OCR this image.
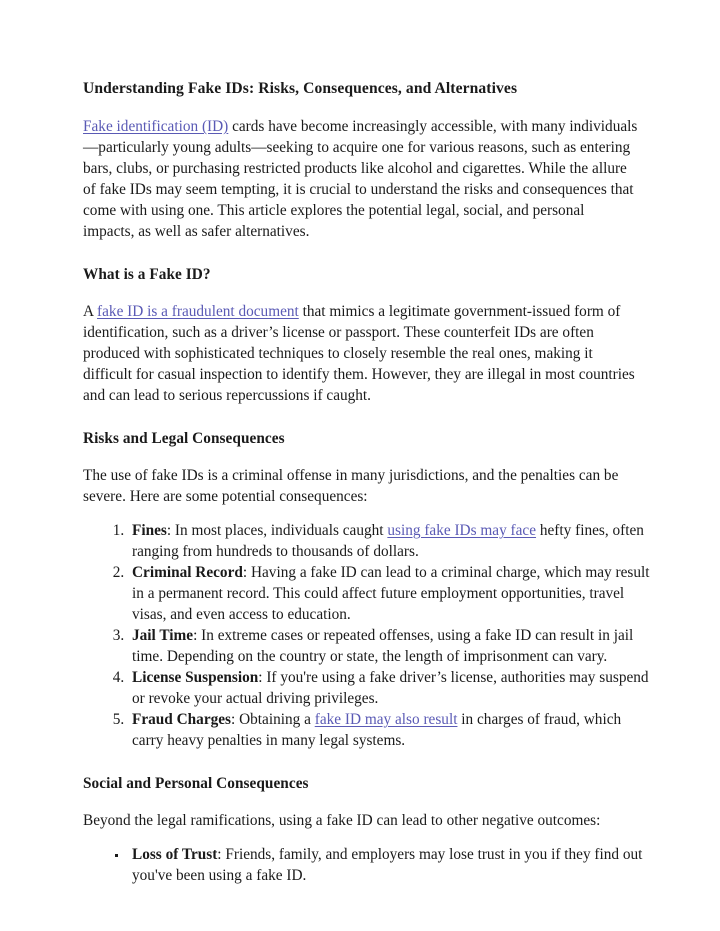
Understanding Fake IDs: Risks, Consequences, and Alternatives

Fake identification (ID) cards have become increasingly accessible, with many individuals—particularly young adults—seeking to acquire one for various reasons, such as entering bars, clubs, or purchasing restricted products like alcohol and cigarettes. While the allure of fake IDs may seem tempting, it is crucial to understand the risks and consequences that come with using one. This article explores the potential legal, social, and personal impacts, as well as safer alternatives.

What is a Fake ID?

A fake ID is a fraudulent document that mimics a legitimate government-issued form of identification, such as a driver’s license or passport. These counterfeit IDs are often produced with sophisticated techniques to closely resemble the real ones, making it difficult for casual inspection to identify them. However, they are illegal in most countries and can lead to serious repercussions if caught.

Risks and Legal Consequences

The use of fake IDs is a criminal offense in many jurisdictions, and the penalties can be severe. Here are some potential consequences:

1. Fines: In most places, individuals caught using fake IDs may face hefty fines, often ranging from hundreds to thousands of dollars.
2. Criminal Record: Having a fake ID can lead to a criminal charge, which may result in a permanent record. This could affect future employment opportunities, travel visas, and even access to education.
3. Jail Time: In extreme cases or repeated offenses, using a fake ID can result in jail time. Depending on the country or state, the length of imprisonment can vary.
4. License Suspension: If you're using a fake driver’s license, authorities may suspend or revoke your actual driving privileges.
5. Fraud Charges: Obtaining a fake ID may also result in charges of fraud, which carry heavy penalties in many legal systems.
Social and Personal Consequences

Beyond the legal ramifications, using a fake ID can lead to other negative outcomes:

▪ Loss of Trust: Friends, family, and employers may lose trust in you if they find out you've been using a fake ID.
